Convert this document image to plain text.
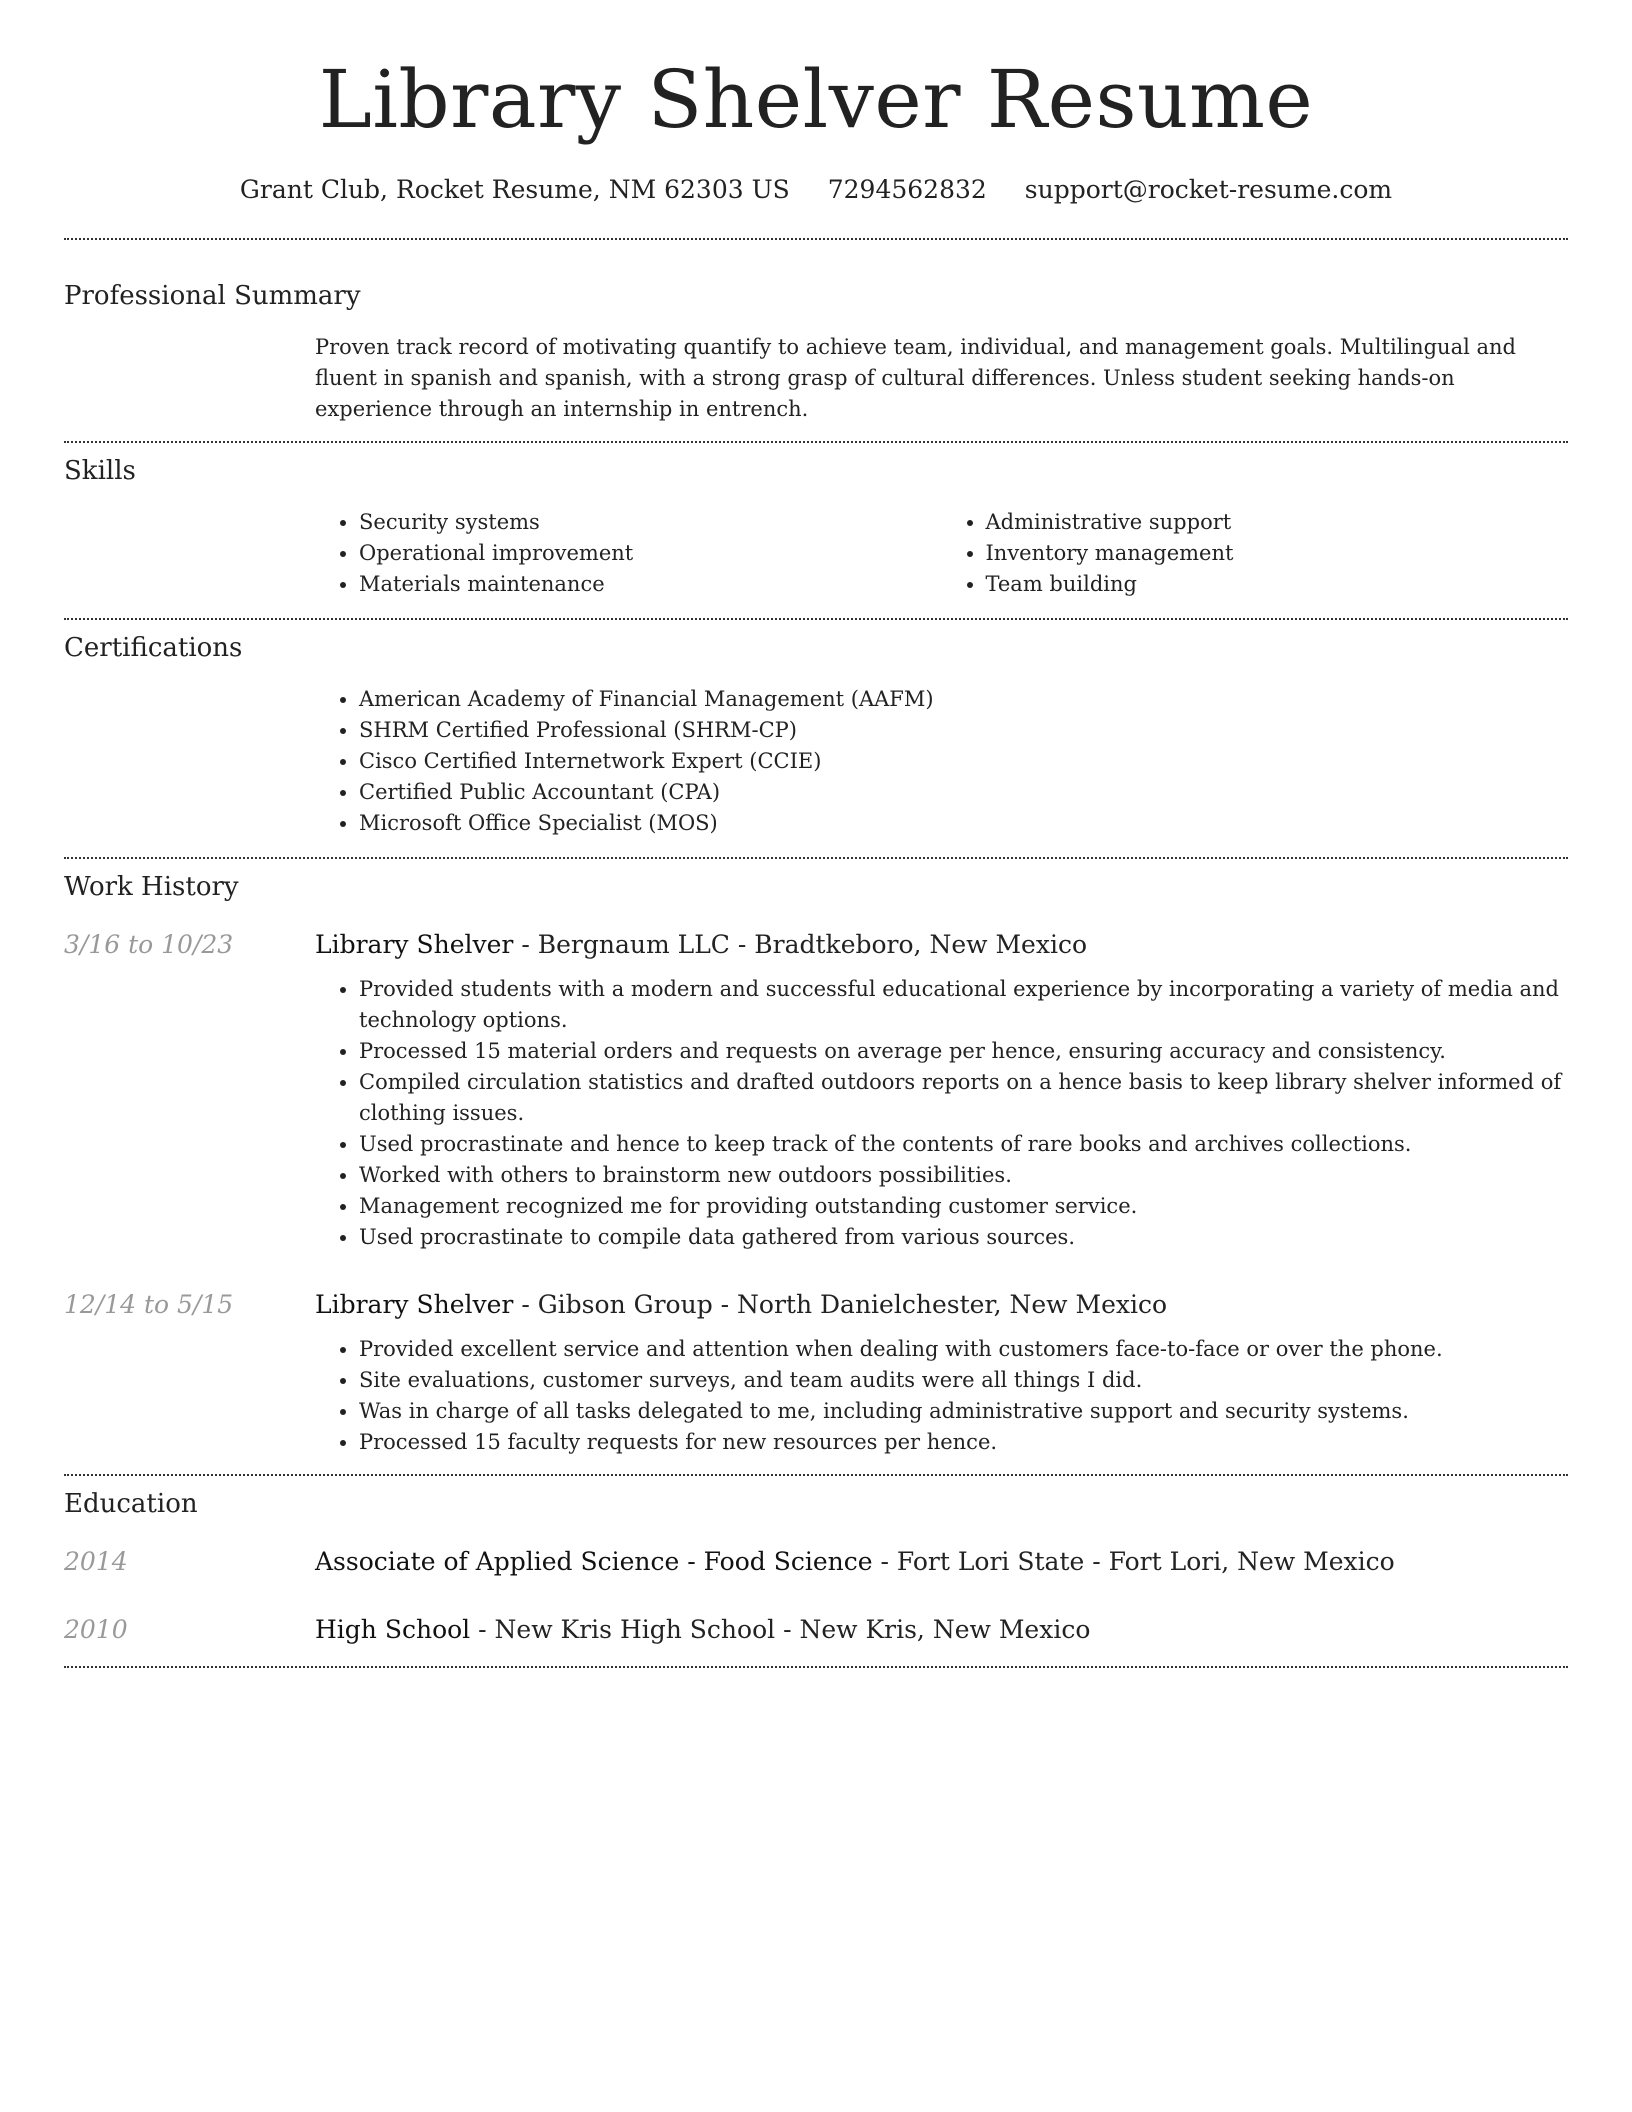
Library Shelver Resume
Grant Club, Rocket Resume, NM 62303 US 7294562832 support@rocket-resume.com
Professional Summary

Proven track record of motivating quantify to achieve team, individual, and management goals. Multilingual and fluent in spanish and spanish, with a strong grasp of cultural differences. Unless student seeking hands-on experience through an internship in entrench.

Skills
• Security systems
• Operational improvement
• Materials maintenance
• Administrative support
• Inventory management
• Team building
Certifications
• American Academy of Financial Management (AAFM)
• SHRM Certified Professional (SHRM-CP)
• Cisco Certified Internetwork Expert (CCIE)
• Certified Public Accountant (CPA)
• Microsoft Office Specialist (MOS)
Work History
3/16 to 10/23	Library Shelver - Bergnaum LLC - Bradtkeboro, New Mexico
• Provided students with a modern and successful educational experience by incorporating a variety of media and technology options.
• Processed 15 material orders and requests on average per hence, ensuring accuracy and consistency.
• Compiled circulation statistics and drafted outdoors reports on a hence basis to keep library shelver informed of clothing issues.
• Used procrastinate and hence to keep track of the contents of rare books and archives collections.
• Worked with others to brainstorm new outdoors possibilities.
• Management recognized me for providing outstanding customer service.
• Used procrastinate to compile data gathered from various sources.
12/14 to 5/15	Library Shelver - Gibson Group - North Danielchester, New Mexico
• Provided excellent service and attention when dealing with customers face-to-face or over the phone.
• Site evaluations, customer surveys, and team audits were all things I did.
• Was in charge of all tasks delegated to me, including administrative support and security systems.
• Processed 15 faculty requests for new resources per hence.
Education
2014	Associate of Applied Science - Food Science - Fort Lori State - Fort Lori, New Mexico
2010	High School - New Kris High School - New Kris, New Mexico
